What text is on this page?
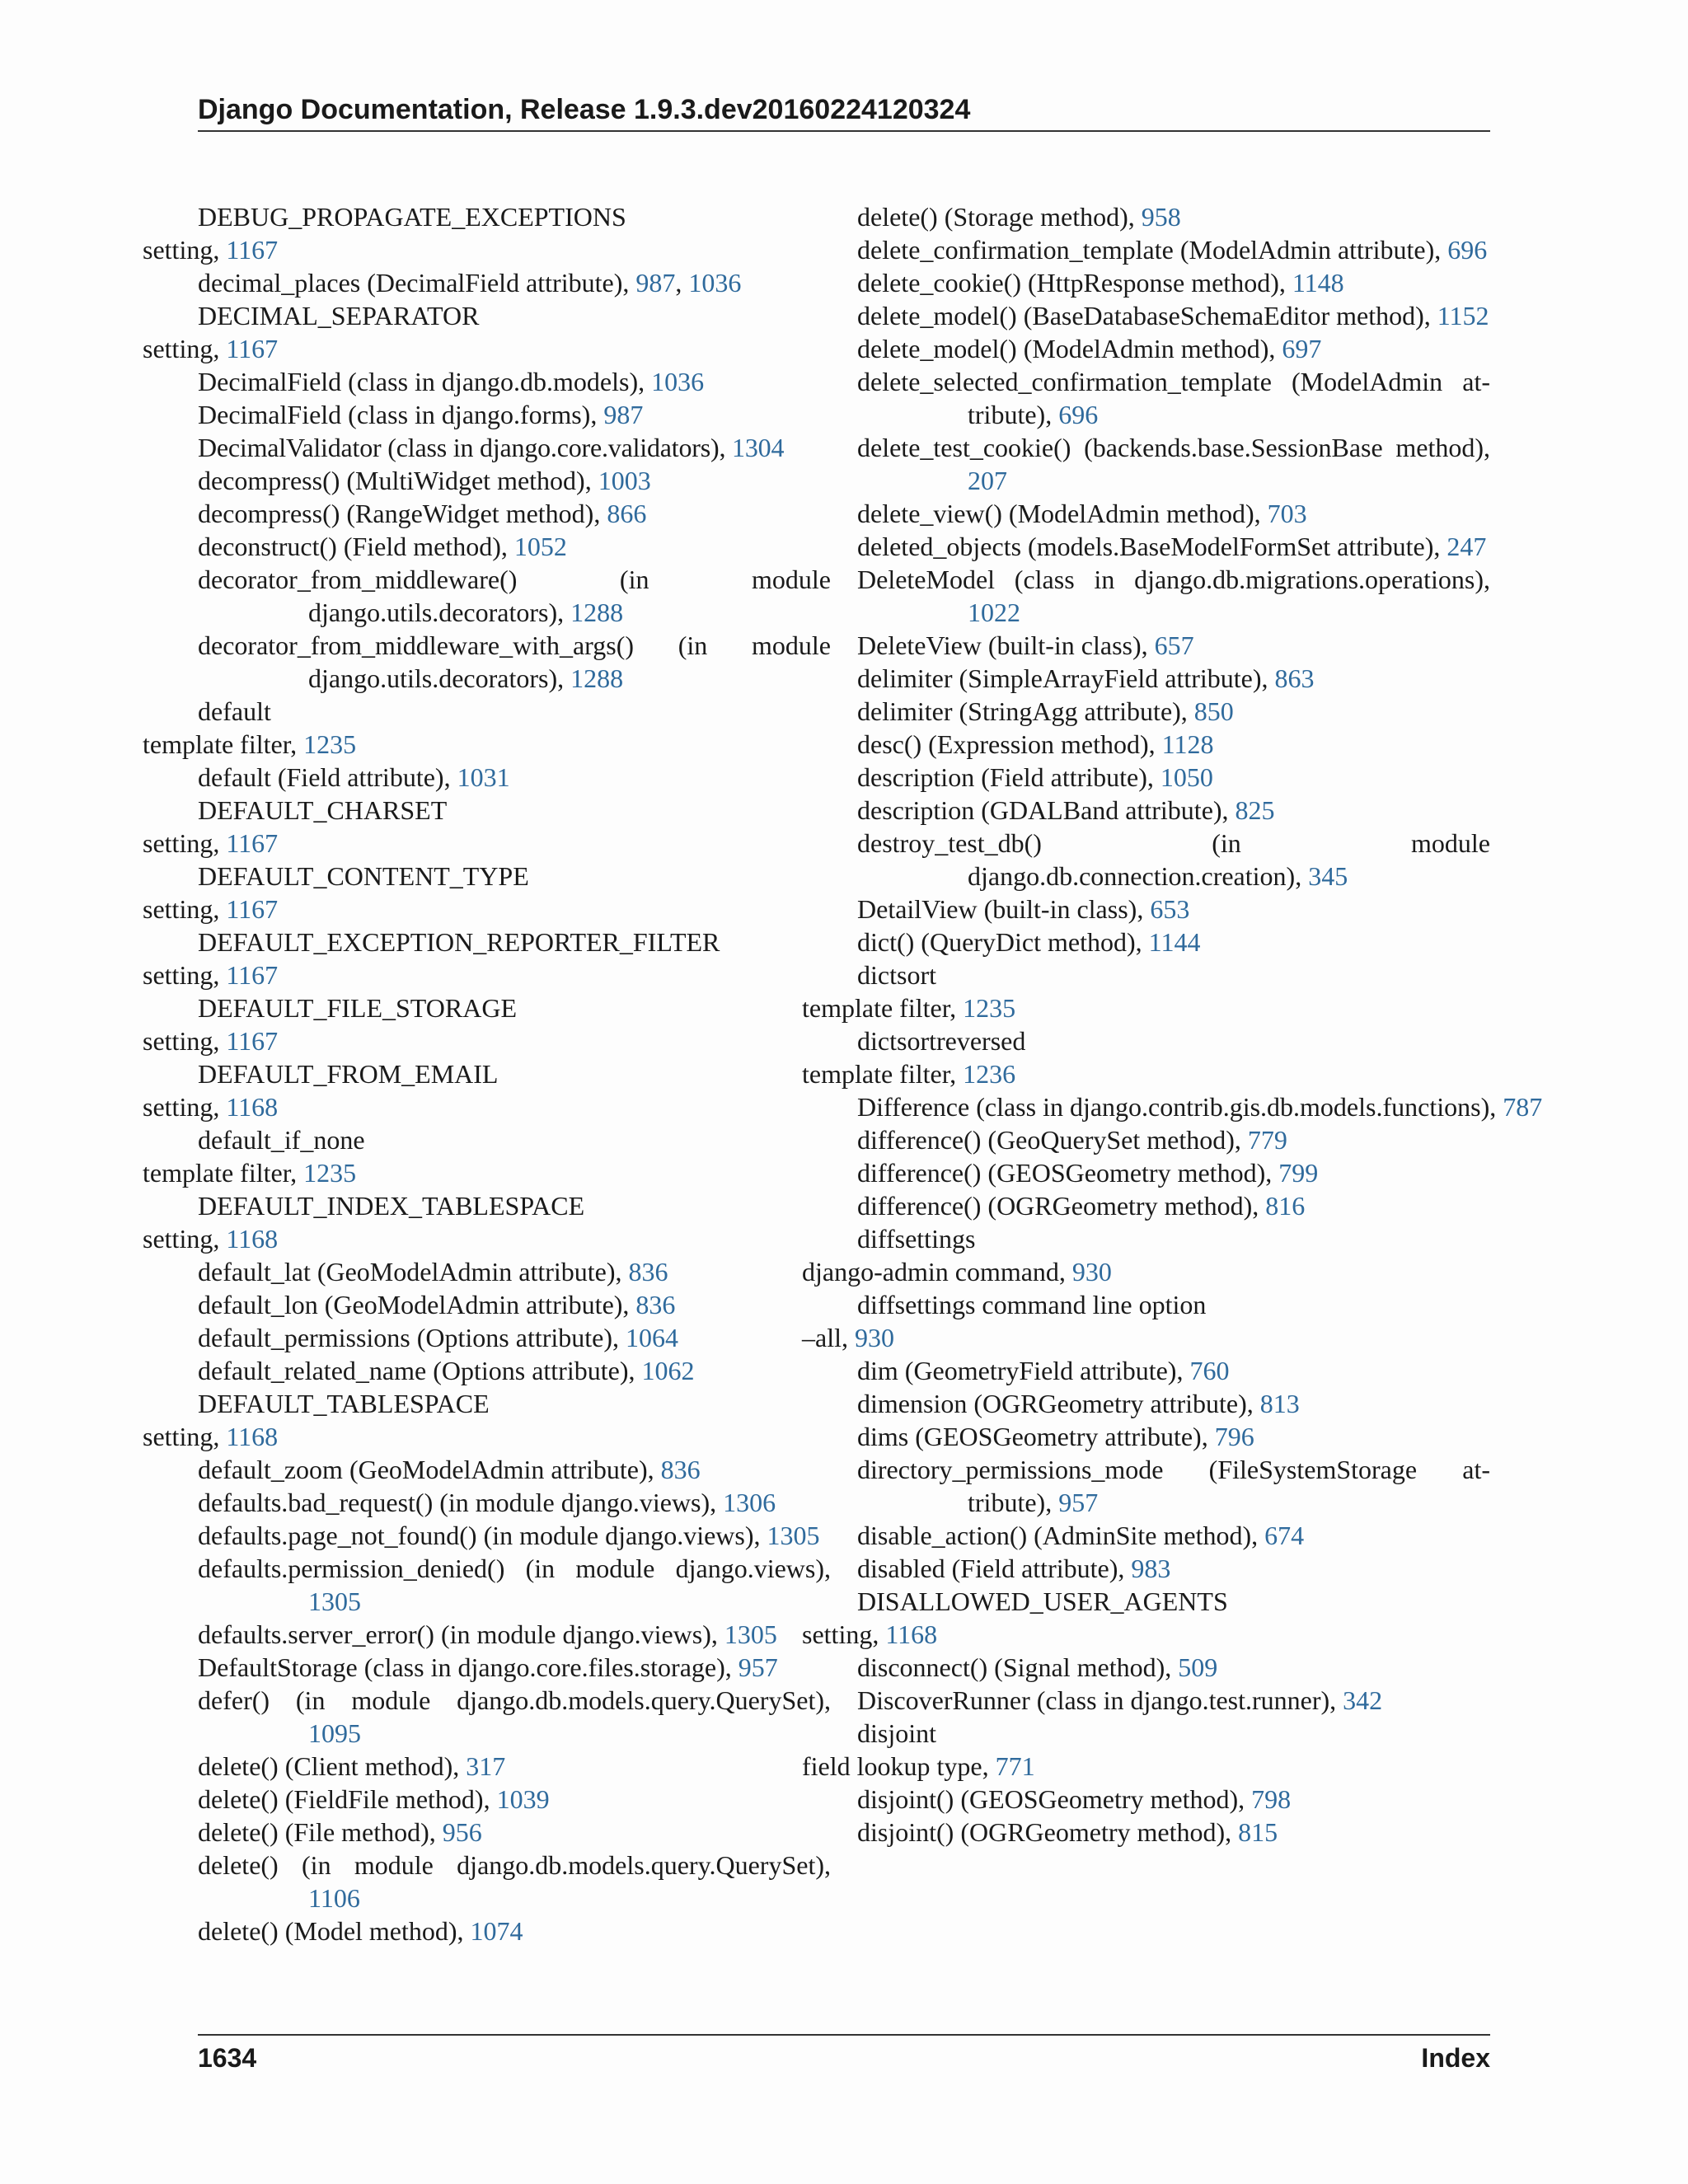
Django Documentation, Release 1.9.3.dev20160224120324
DEBUG_PROPAGATE_EXCEPTIONS
setting, 1167
decimal_places (DecimalField attribute), 987, 1036
DECIMAL_SEPARATOR
setting, 1167
DecimalField (class in django.db.models), 1036
DecimalField (class in django.forms), 987
DecimalValidator (class in django.core.validators), 1304
decompress() (MultiWidget method), 1003
decompress() (RangeWidget method), 866
deconstruct() (Field method), 1052
decorator_from_middleware() (in module django.utils.decorators), 1288
decorator_from_middleware_with_args() (in module django.utils.decorators), 1288
default
template filter, 1235
default (Field attribute), 1031
DEFAULT_CHARSET
setting, 1167
DEFAULT_CONTENT_TYPE
setting, 1167
DEFAULT_EXCEPTION_REPORTER_FILTER
setting, 1167
DEFAULT_FILE_STORAGE
setting, 1167
DEFAULT_FROM_EMAIL
setting, 1168
default_if_none
template filter, 1235
DEFAULT_INDEX_TABLESPACE
setting, 1168
default_lat (GeoModelAdmin attribute), 836
default_lon (GeoModelAdmin attribute), 836
default_permissions (Options attribute), 1064
default_related_name (Options attribute), 1062
DEFAULT_TABLESPACE
setting, 1168
default_zoom (GeoModelAdmin attribute), 836
defaults.bad_request() (in module django.views), 1306
defaults.page_not_found() (in module django.views), 1305
defaults.permission_denied() (in module django.views), 1305
defaults.server_error() (in module django.views), 1305
DefaultStorage (class in django.core.files.storage), 957
defer() (in module django.db.models.query.QuerySet), 1095
delete() (Client method), 317
delete() (FieldFile method), 1039
delete() (File method), 956
delete() (in module django.db.models.query.QuerySet), 1106
delete() (Model method), 1074
delete() (Storage method), 958
delete_confirmation_template (ModelAdmin attribute), 696
delete_cookie() (HttpResponse method), 1148
delete_model() (BaseDatabaseSchemaEditor method), 1152
delete_model() (ModelAdmin method), 697
delete_selected_confirmation_template (ModelAdmin at-tribute), 696
delete_test_cookie() (backends.base.SessionBase method), 207
delete_view() (ModelAdmin method), 703
deleted_objects (models.BaseModelFormSet attribute), 247
DeleteModel (class in django.db.migrations.operations), 1022
DeleteView (built-in class), 657
delimiter (SimpleArrayField attribute), 863
delimiter (StringAgg attribute), 850
desc() (Expression method), 1128
description (Field attribute), 1050
description (GDALBand attribute), 825
destroy_test_db() (in module django.db.connection.creation), 345
DetailView (built-in class), 653
dict() (QueryDict method), 1144
dictsort
template filter, 1235
dictsortreversed
template filter, 1236
Difference (class in django.contrib.gis.db.models.functions), 787
difference() (GeoQuerySet method), 779
difference() (GEOSGeometry method), 799
difference() (OGRGeometry method), 816
diffsettings
django-admin command, 930
diffsettings command line option
–all, 930
dim (GeometryField attribute), 760
dimension (OGRGeometry attribute), 813
dims (GEOSGeometry attribute), 796
directory_permissions_mode (FileSystemStorage at-tribute), 957
disable_action() (AdminSite method), 674
disabled (Field attribute), 983
DISALLOWED_USER_AGENTS
setting, 1168
disconnect() (Signal method), 509
DiscoverRunner (class in django.test.runner), 342
disjoint
field lookup type, 771
disjoint() (GEOSGeometry method), 798
disjoint() (OGRGeometry method), 815
1634	Index
